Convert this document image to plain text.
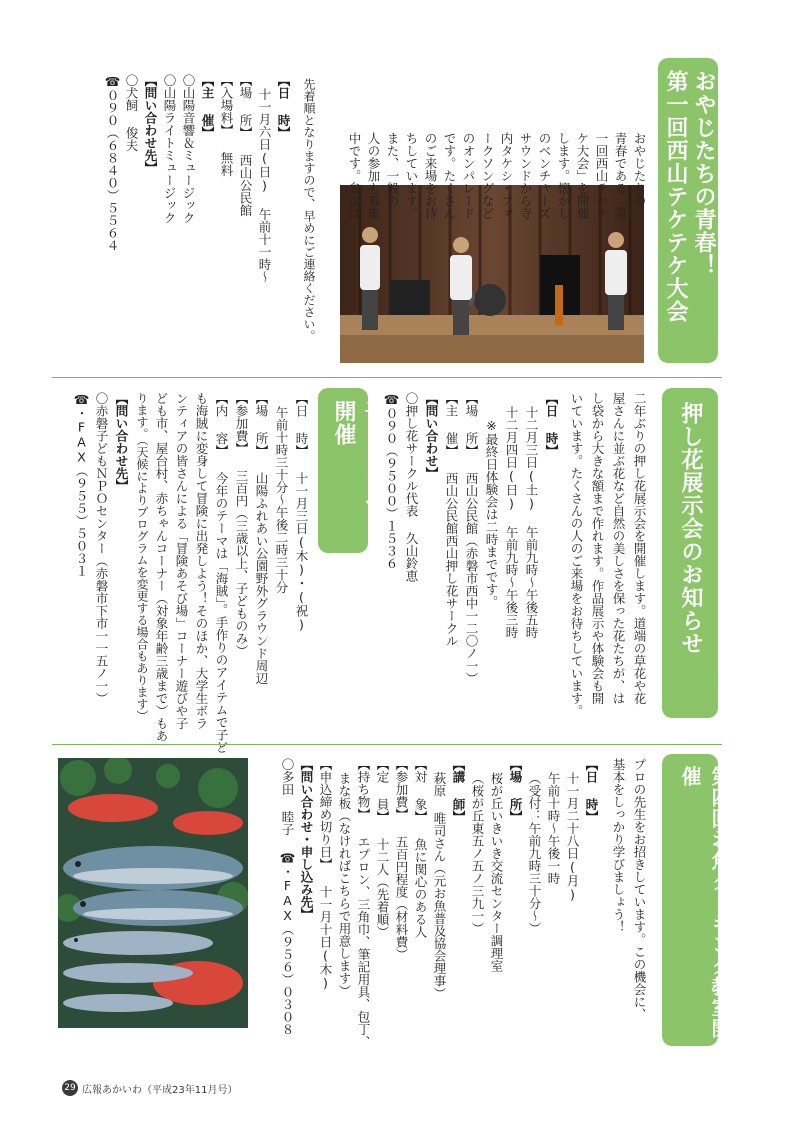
おやじたちの青春！
第一回西山テケテケ大会
おやじたちの
青春である「第
一回西山テケテ
ケ大会」を開催
します。懐かし
のベンチャーズ
サウンドから寺
内タケシ・フォ
ークソングなど
のオンパレード
です。たくさん
のご来場をお待
ちしています。
また、一般の
人の参加も募集
中です。参加は
先着順となりますので、早めにご連絡ください。
【日 時】
十一月六日(日) 午前十一時～
【場 所】 西山公民館
【入場料】 無料
【主 催】
〇山陽音響＆ミュージック
〇山陽ライトミュージック
【問い合わせ先】
〇犬飼 俊夫
☎０９０（６８４０）５５６４
押し花展示会のお知らせ
二年ぶりの押し花展示会を開催します。道端の草花や花
屋さんに並ぶ花など自然の美しさを保った花たちが、は
し袋から大きな額まで作れます。作品展示や体験会も開
いています。たくさんの人のご来場をお待ちしています。
【日 時】
十二月三日(土) 午前九時～午後五時
十二月四日(日) 午前九時～午後三時
※最終日体験会は二時までです。
【場 所】 西山公民館（赤磐市西中一二〇ノ一）
【主 催】 西山公民館西山押し花サークル
【問い合わせ】
〇押し花サークル代表 久山鈴恵
☎０９０（９５００）１５３６
子どもまつり開催
【日 時】 十一月三日(木)・(祝)
午前十時三十分～午後二時三十分
【場 所】 山陽ふれあい公園野外グラウンド周辺
【参加費】 三百円（三歳以上、子どものみ）
【内 容】 今年のテーマは「海賊」。手作りのアイテムで子ど
も海賊に変身して冒険に出発しよう！そのほか、大学生ボラ
ンティアの皆さんによる「冒険あそび場」コーナー遊びや子
ども市、屋台村、赤ちゃんコーナー（対象年齢三歳まで）もあ
ります。（天候によりプログラムを変更する場合もあります）
【問い合わせ先】
〇赤磐子どもＮＰＯセンター（赤磐市下市一一五ノ一）
☎・FAX（９５５）５０３１
第四回お魚クッキング教室開催
プロの先生をお招きしています。この機会に、
基本をしっかり学びましょう！
【日 時】
十一月二十八日(月)
午前十時～午後一時
（受付：午前九時三十分～）
【場 所】
桜が丘いきいき交流センター調理室
（桜が丘東五ノ五ノ三九一）
【講 師】
萩原 唯司さん（元お魚普及協会理事）
【対 象】 魚に関心のある人
【参加費】 五百円程度（材料費）
【定 員】 十二人（先着順）
【持ち物】 エプロン、三角巾、筆記用具、包丁、
まな板（なければこちらで用意します）
【申込締め切り日】 十一月十日(木)
【問い合わせ・申し込み先】
〇多田 睦子 ☎・FAX（９５６）０３０８
29 広報あかいわ（平成23年11月号）
